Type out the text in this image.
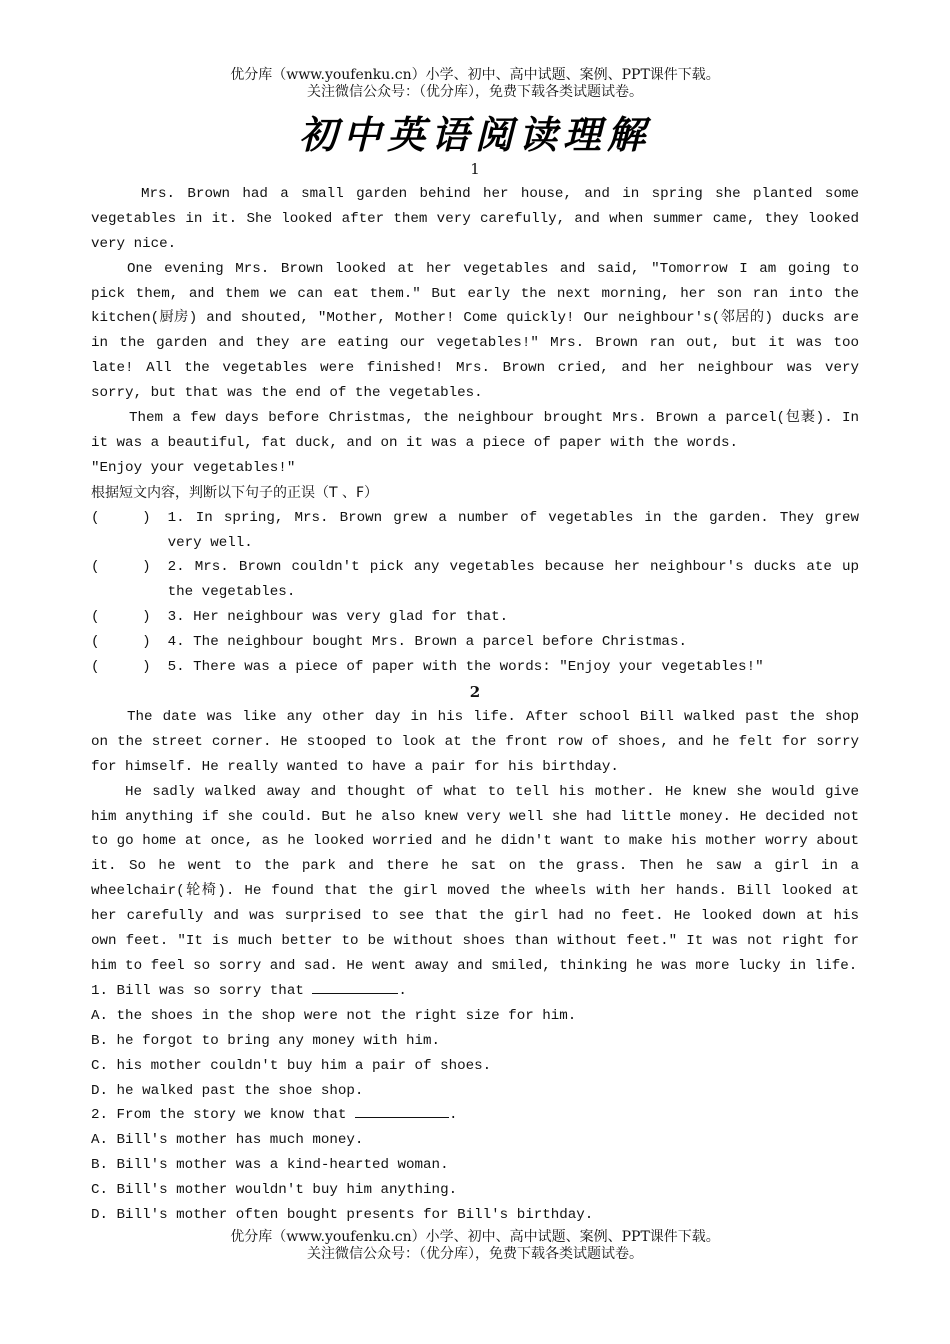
优分库（www.youfenku.cn）小学、初中、高中试题、案例、PPT课件下载。
关注微信公众号：（优分库），免费下载各类试题试卷。
初中英语阅读理解
1

Mrs. Brown had a small garden behind her house, and in spring she planted some vegetables in it. She looked after them very carefully, and when summer came, they looked very nice.

One evening Mrs. Brown looked at her vegetables and said, "Tomorrow I am going to pick them, and them we can eat them." But early the next morning, her son ran into the kitchen(厨房) and shouted, "Mother, Mother! Come quickly! Our neighbour's(邻居的) ducks are in the garden and they are eating our vegetables!" Mrs. Brown ran out, but it was too late! All the vegetables were finished! Mrs. Brown cried, and her neighbour was very sorry, but that was the end of the vegetables.

Them a few days before Christmas, the neighbour brought Mrs. Brown a parcel(包裹). In it was a beautiful, fat duck, and on it was a piece of paper with the words.

"Enjoy your vegetables!"

根据短文内容，判断以下句子的正误（T 、F）

(     ) 1. In spring, Mrs. Brown grew a number of vegetables in the garden. They grew very well.
(     ) 2. Mrs. Brown couldn't pick any vegetables because her neighbour's ducks ate up the vegetables.
(     ) 3. Her neighbour was very glad for that.
(     ) 4. The neighbour bought Mrs. Brown a parcel before Christmas.
(     ) 5. There was a piece of paper with the words: "Enjoy your vegetables!"
2

The date was like any other day in his life. After school Bill walked past the shop on the street corner. He stooped to look at the front row of shoes, and he felt for sorry for himself. He really wanted to have a pair for his birthday.

He sadly walked away and thought of what to tell his mother. He knew she would give him anything if she could. But he also knew very well she had little money. He decided not to go home at once, as he looked worried and he didn't want to make his mother worry about it. So he went to the park and there he sat on the grass. Then he saw a girl in a wheelchair(轮椅). He found that the girl moved the wheels with her hands. Bill looked at her carefully and was surprised to see that the girl had no feet. He looked down at his own feet. "It is much better to be without shoes than without feet." It was not right for him to feel so sorry and sad. He went away and smiled, thinking he was more lucky in life.

1. Bill was so sorry that	.

A. the shoes in the shop were not the right size for him.

B. he forgot to bring any money with him.

C. his mother couldn't buy him a pair of shoes.

D. he walked past the shoe shop.

2. From the story we know that	.

A. Bill's mother has much money.

B. Bill's mother was a kind-hearted woman.

C. Bill's mother wouldn't buy him anything.

D. Bill's mother often bought presents for Bill's birthday.

优分库（www.youfenku.cn）小学、初中、高中试题、案例、PPT课件下载。
关注微信公众号：（优分库），免费下载各类试题试卷。
